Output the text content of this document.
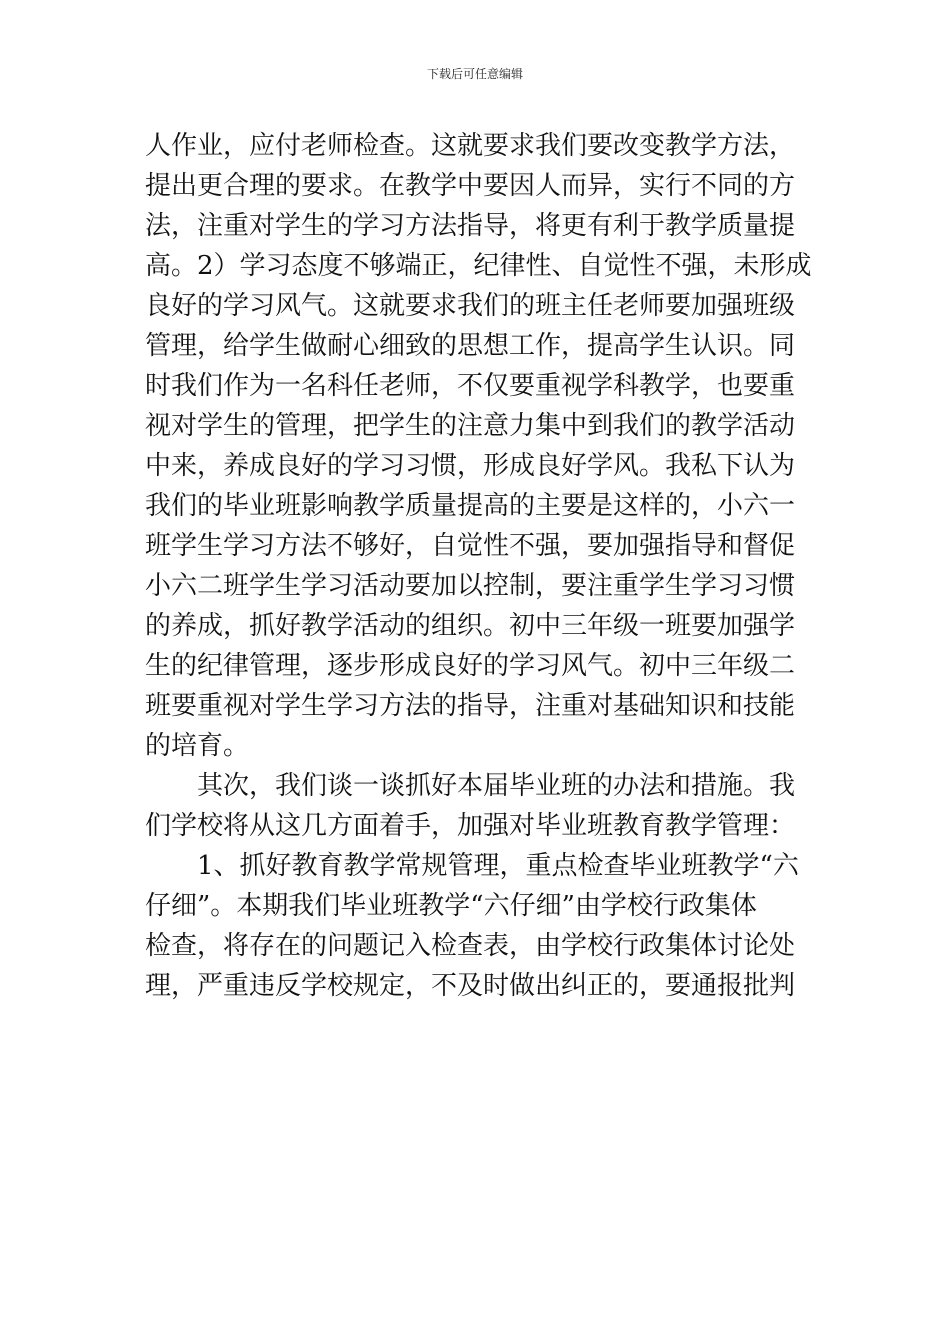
下载后可任意编辑
人作业，应付老师检查。这就要求我们要改变教学方法，
提出更合理的要求。在教学中要因人而异，实行不同的方
法，注重对学生的学习方法指导，将更有利于教学质量提
高。2）学习态度不够端正，纪律性、自觉性不强，未形成
良好的学习风气。这就要求我们的班主任老师要加强班级
管理，给学生做耐心细致的思想工作，提高学生认识。同
时我们作为一名科任老师，不仅要重视学科教学，也要重
视对学生的管理，把学生的注意力集中到我们的教学活动
中来，养成良好的学习习惯，形成良好学风。我私下认为
我们的毕业班影响教学质量提高的主要是这样的，小六一
班学生学习方法不够好，自觉性不强，要加强指导和督促
小六二班学生学习活动要加以控制，要注重学生学习习惯
的养成，抓好教学活动的组织。初中三年级一班要加强学
生的纪律管理，逐步形成良好的学习风气。初中三年级二
班要重视对学生学习方法的指导，注重对基础知识和技能
的培育。
其次，我们谈一谈抓好本届毕业班的办法和措施。我
们学校将从这几方面着手，加强对毕业班教育教学管理：
1、抓好教育教学常规管理，重点检查毕业班教学“六
仔细”。本期我们毕业班教学“六仔细”由学校行政集体
检查，将存在的问题记入检查表，由学校行政集体讨论处
理，严重违反学校规定，不及时做出纠正的，要通报批判
